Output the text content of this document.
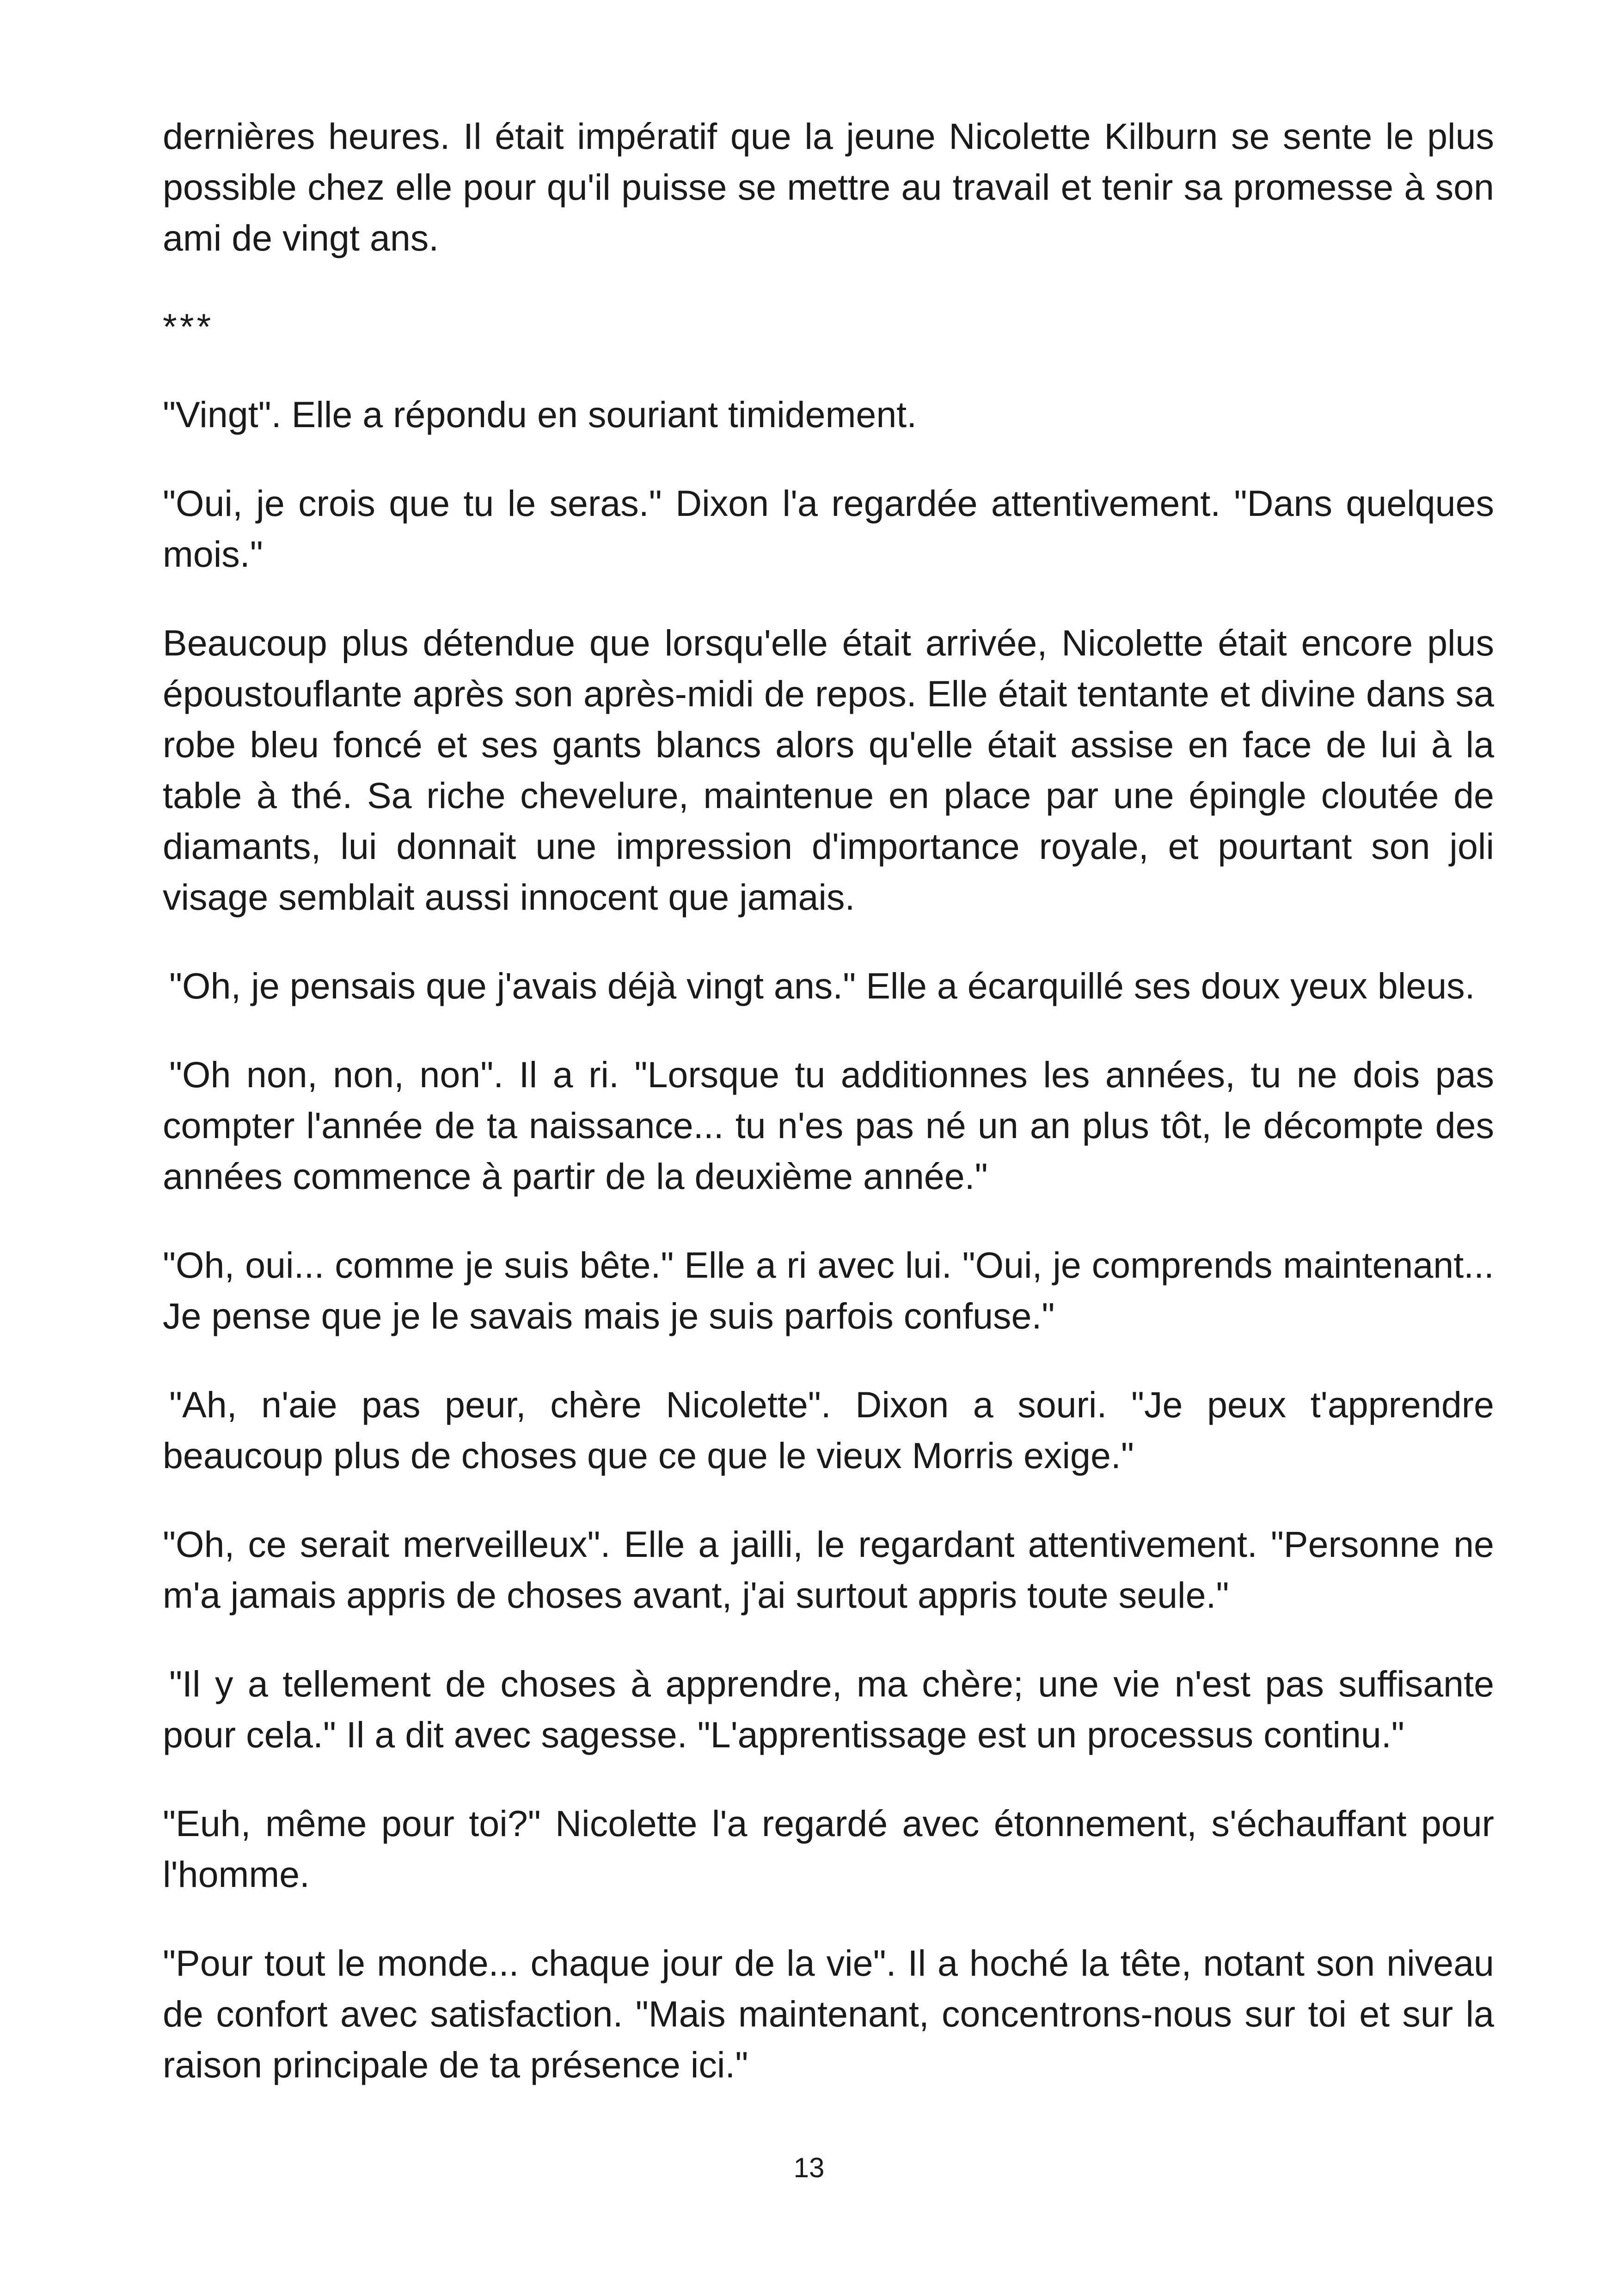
dernières heures. Il était impératif que la jeune Nicolette Kilburn se sente le plus possible chez elle pour qu'il puisse se mettre au travail et tenir sa promesse à son ami de vingt ans.

***

"Vingt". Elle a répondu en souriant timidement.

"Oui, je crois que tu le seras." Dixon l'a regardée attentivement. "Dans quelques mois."

Beaucoup plus détendue que lorsqu'elle était arrivée, Nicolette était encore plus époustouflante après son après-midi de repos. Elle était tentante et divine dans sa robe bleu foncé et ses gants blancs alors qu'elle était assise en face de lui à la table à thé. Sa riche chevelure, maintenue en place par une épingle cloutée de diamants, lui donnait une impression d'importance royale, et pourtant son joli visage semblait aussi innocent que jamais.

"Oh, je pensais que j'avais déjà vingt ans." Elle a écarquillé ses doux yeux bleus.

"Oh non, non, non". Il a ri. "Lorsque tu additionnes les années, tu ne dois pas compter l'année de ta naissance... tu n'es pas né un an plus tôt, le décompte des années commence à partir de la deuxième année."

"Oh, oui... comme je suis bête." Elle a ri avec lui. "Oui, je comprends maintenant... Je pense que je le savais mais je suis parfois confuse."

"Ah, n'aie pas peur, chère Nicolette". Dixon a souri. "Je peux t'apprendre beaucoup plus de choses que ce que le vieux Morris exige."

"Oh, ce serait merveilleux". Elle a jailli, le regardant attentivement. "Personne ne m'a jamais appris de choses avant, j'ai surtout appris toute seule."

"Il y a tellement de choses à apprendre, ma chère; une vie n'est pas suffisante pour cela." Il a dit avec sagesse. "L'apprentissage est un processus continu."

"Euh, même pour toi?" Nicolette l'a regardé avec étonnement, s'échauffant pour l'homme.

"Pour tout le monde... chaque jour de la vie". Il a hoché la tête, notant son niveau de confort avec satisfaction. "Mais maintenant, concentrons-nous sur toi et sur la raison principale de ta présence ici."

13
